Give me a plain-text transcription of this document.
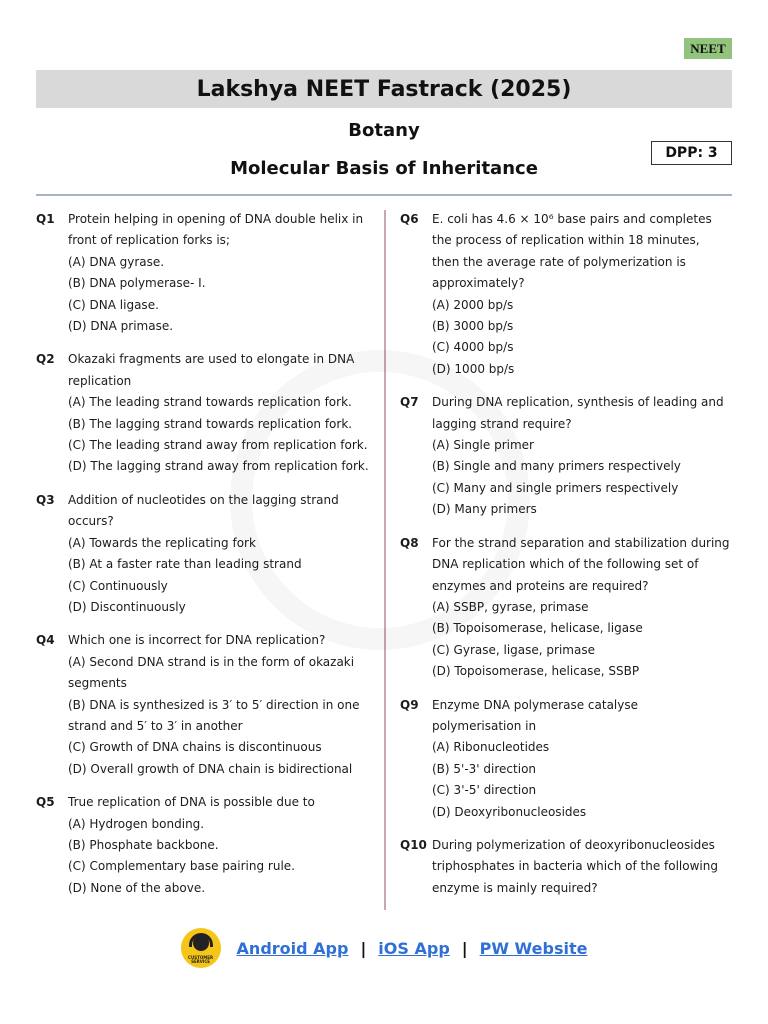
NEET
Lakshya NEET Fastrack (2025)
Botany
Molecular Basis of Inheritance
DPP: 3
Q1	Protein helping in opening of DNA double helix in front of replication forks is;
(A) DNA gyrase.
(B) DNA polymerase- I.
(C) DNA ligase.
(D) DNA primase.
Q2	Okazaki fragments are used to elongate in DNA replication
(A) The leading strand towards replication fork.
(B) The lagging strand towards replication fork.
(C) The leading strand away from replication fork.
(D) The lagging strand away from replication fork.
Q3	Addition of nucleotides on the lagging strand occurs?
(A) Towards the replicating fork
(B) At a faster rate than leading strand
(C) Continuously
(D) Discontinuously
Q4	Which one is incorrect for DNA replication?
(A) Second DNA strand is in the form of okazaki segments
(B) DNA is synthesized is 3′ to 5′ direction in one strand and 5′ to 3′ in another
(C) Growth of DNA chains is discontinuous
(D) Overall growth of DNA chain is bidirectional
Q5	True replication of DNA is possible due to
(A) Hydrogen bonding.
(B) Phosphate backbone.
(C) Complementary base pairing rule.
(D) None of the above.
Q6	E. coli has 4.6 × 10⁶ base pairs and completes the process of replication within 18 minutes, then the average rate of polymerization is approximately?
(A) 2000 bp/s
(B) 3000 bp/s
(C) 4000 bp/s
(D) 1000 bp/s
Q7	During DNA replication, synthesis of leading and lagging strand require?
(A) Single primer
(B) Single and many primers respectively
(C) Many and single primers respectively
(D) Many primers
Q8	For the strand separation and stabilization during DNA replication which of the following set of enzymes and proteins are required?
(A) SSBP, gyrase, primase
(B) Topoisomerase, helicase, ligase
(C) Gyrase, ligase, primase
(D) Topoisomerase, helicase, SSBP
Q9	Enzyme DNA polymerase catalyse polymerisation in
(A) Ribonucleotides
(B) 5'-3' direction
(C) 3'-5' direction
(D) Deoxyribonucleosides
Q10 During polymerization of deoxyribonucleosides triphosphates in bacteria which of the following enzyme is mainly required?
CUSTOMER SERVICE
Android App | iOS App | PW Website
